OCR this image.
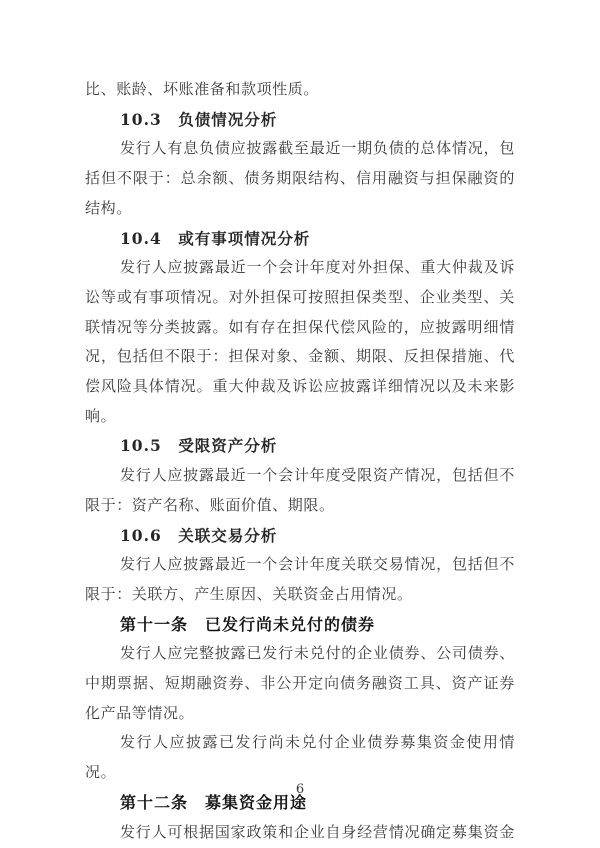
比、账龄、坏账准备和款项性质。

10.3　负债情况分析

发行人有息负债应披露截至最近一期负债的总体情况，包括但不限于：总余额、债务期限结构、信用融资与担保融资的结构。

10.4　或有事项情况分析

发行人应披露最近一个会计年度对外担保、重大仲裁及诉讼等或有事项情况。对外担保可按照担保类型、企业类型、关联情况等分类披露。如有存在担保代偿风险的，应披露明细情况，包括但不限于：担保对象、金额、期限、反担保措施、代偿风险具体情况。重大仲裁及诉讼应披露详细情况以及未来影响。

10.5　受限资产分析

发行人应披露最近一个会计年度受限资产情况，包括但不限于：资产名称、账面价值、期限。

10.6　关联交易分析

发行人应披露最近一个会计年度关联交易情况，包括但不限于：关联方、产生原因、关联资金占用情况。

第十一条　已发行尚未兑付的债券

发行人应完整披露已发行未兑付的企业债券、公司债券、中期票据、短期融资券、非公开定向债务融资工具、资产证券化产品等情况。

发行人应披露已发行尚未兑付企业债券募集资金使用情况。

第十二条　募集资金用途

发行人可根据国家政策和企业自身经营情况确定募集资金

6
